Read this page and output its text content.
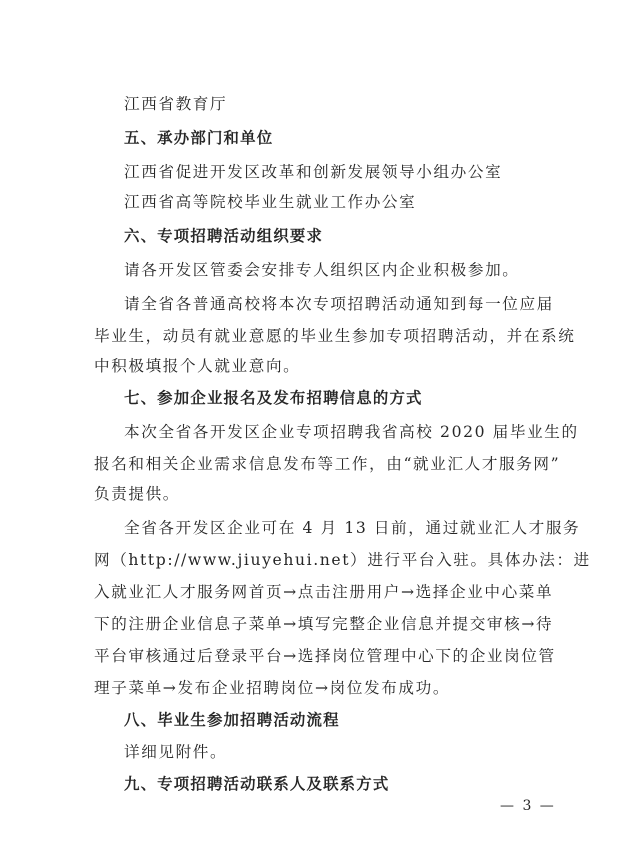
江西省教育厅
五、承办部门和单位
江西省促进开发区改革和创新发展领导小组办公室
江西省高等院校毕业生就业工作办公室
六、专项招聘活动组织要求
请各开发区管委会安排专人组织区内企业积极参加。
请全省各普通高校将本次专项招聘活动通知到每一位应届
毕业生，动员有就业意愿的毕业生参加专项招聘活动，并在系统
中积极填报个人就业意向。
七、参加企业报名及发布招聘信息的方式
本次全省各开发区企业专项招聘我省高校 2020 届毕业生的
报名和相关企业需求信息发布等工作，由“就业汇人才服务网”
负责提供。
全省各开发区企业可在 4 月 13 日前，通过就业汇人才服务
网（http://www.jiuyehui.net）进行平台入驻。具体办法：进
入就业汇人才服务网首页→点击注册用户→选择企业中心菜单
下的注册企业信息子菜单→填写完整企业信息并提交审核→待
平台审核通过后登录平台→选择岗位管理中心下的企业岗位管
理子菜单→发布企业招聘岗位→岗位发布成功。
八、毕业生参加招聘活动流程
详细见附件。
九、专项招聘活动联系人及联系方式
— 3 —
